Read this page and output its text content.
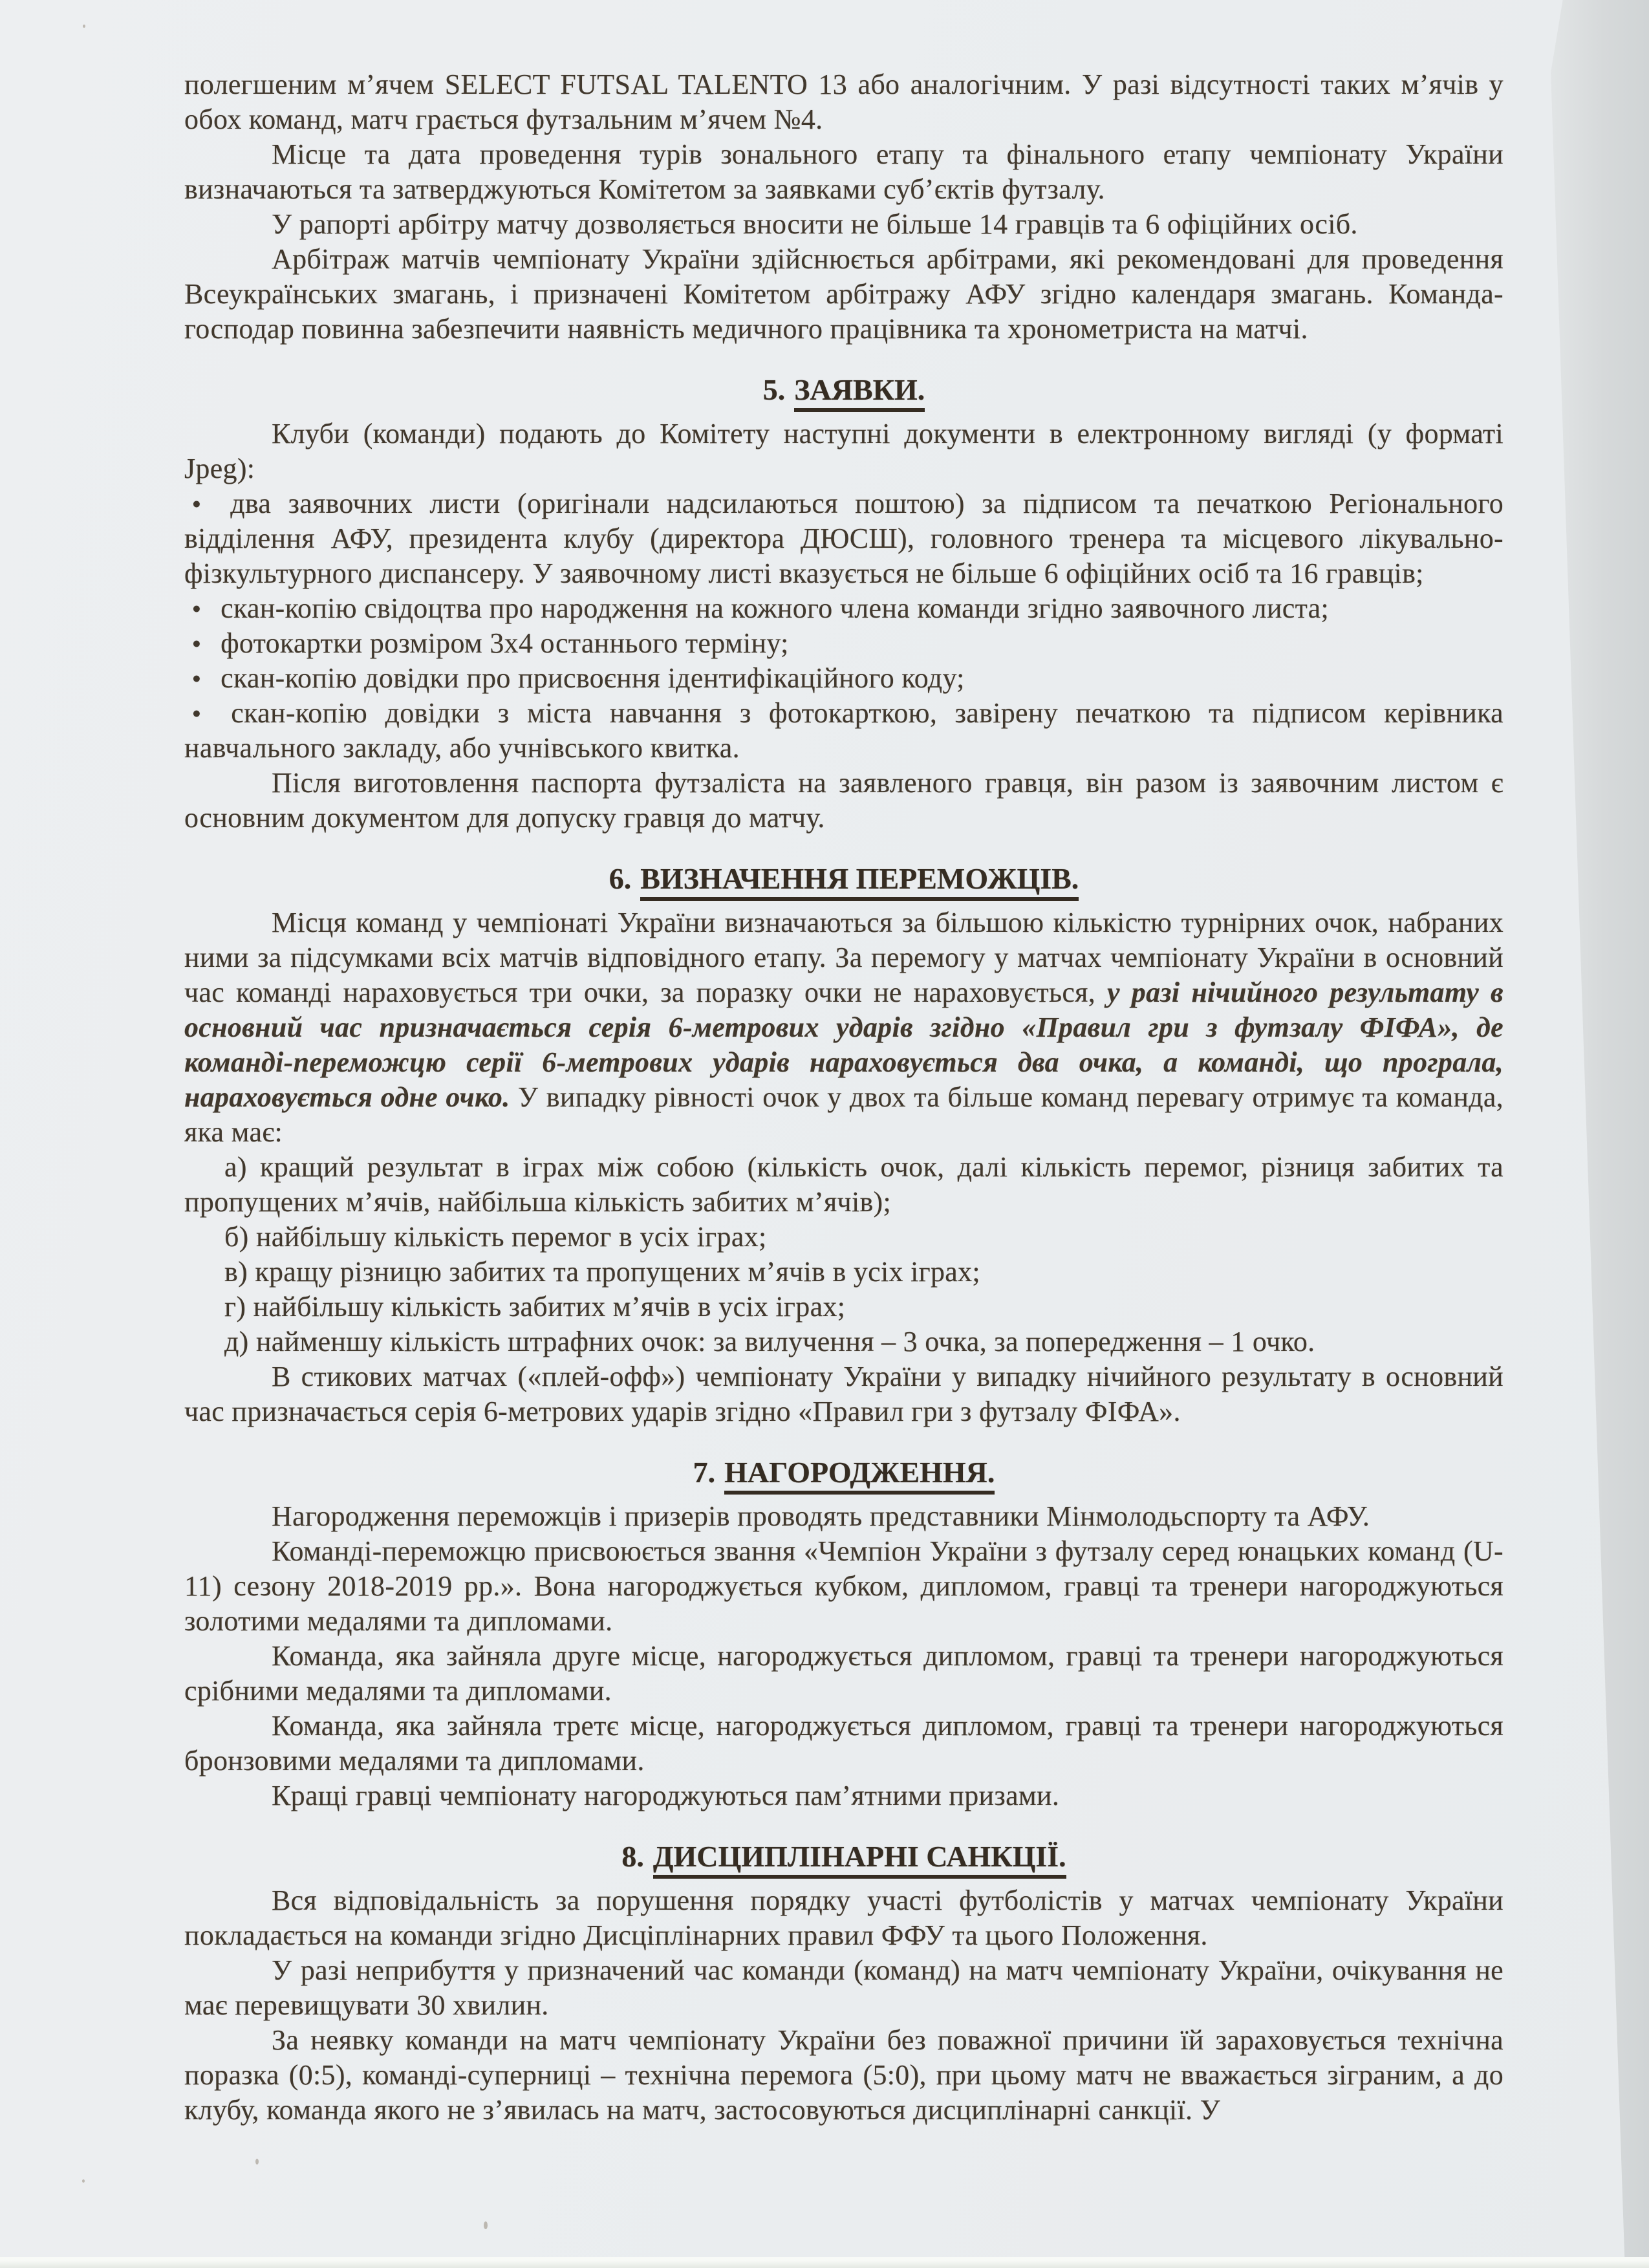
полегшеним м’ячем SELECT FUTSAL TALENTO 13 або аналогічним. У разі відсутності таких м’ячів у обох команд, матч грається футзальним м’ячем №4.

Місце та дата проведення турів зонального етапу та фінального етапу чемпіонату України визначаються та затверджуються Комітетом за заявками суб’єктів футзалу.

У рапорті арбітру матчу дозволяється вносити не більше 14 гравців та 6 офіційних осіб.

Арбітраж матчів чемпіонату України здійснюється арбітрами, які рекомендовані для проведення Всеукраїнських змагань, і призначені Комітетом арбітражу АФУ згідно календаря змагань. Команда-господар повинна забезпечити наявність медичного працівника та хронометриста на матчі.

5. ЗАЯВКИ.

Клуби (команди) подають до Комітету наступні документи в електронному вигляді (у форматі Jpeg):

● два заявочних листи (оригінали надсилаються поштою) за підписом та печаткою Регіонального відділення АФУ, президента клубу (директора ДЮСШ), головного тренера та місцевого лікувально-фізкультурного диспансеру. У заявочному листі вказується не більше 6 офіційних осіб та 16 гравців;

● скан-копію свідоцтва про народження на кожного члена команди згідно заявочного листа;

● фотокартки розміром 3х4 останнього терміну;

● скан-копію довідки про присвоєння ідентифікаційного коду;

● скан-копію довідки з міста навчання з фотокарткою, завірену печаткою та підписом керівника навчального закладу, або учнівського квитка.

Після виготовлення паспорта футзаліста на заявленого гравця, він разом із заявочним листом є основним документом для допуску гравця до матчу.

6. ВИЗНАЧЕННЯ ПЕРЕМОЖЦІВ.

Місця команд у чемпіонаті України визначаються за більшою кількістю турнірних очок, набраних ними за підсумками всіх матчів відповідного етапу. За перемогу у матчах чемпіонату України в основний час команді нараховується три очки, за поразку очки не нараховується, у разі нічийного результату в основний час призначається серія 6-метрових ударів згідно «Правил гри з футзалу ФІФА», де команді-переможцю серії 6-метрових ударів нараховується два очка, а команді, що програла, нараховується одне очко. У випадку рівності очок у двох та більше команд перевагу отримує та команда, яка має:

а) кращий результат в іграх між собою (кількість очок, далі кількість перемог, різниця забитих та пропущених м’ячів, найбільша кількість забитих м’ячів);

б) найбільшу кількість перемог в усіх іграх;

в) кращу різницю забитих та пропущених м’ячів в усіх іграх;

г) найбільшу кількість забитих м’ячів в усіх іграх;

д) найменшу кількість штрафних очок: за вилучення – 3 очка, за попередження – 1 очко.

В стикових матчах («плей-офф») чемпіонату України у випадку нічийного результату в основний час призначається серія 6-метрових ударів згідно «Правил гри з футзалу ФІФА».

7. НАГОРОДЖЕННЯ.

Нагородження переможців і призерів проводять представники Мінмолодьспорту та АФУ.

Команді-переможцю присвоюється звання «Чемпіон України з футзалу серед юнацьких команд (U-11) сезону 2018-2019 рр.». Вона нагороджується кубком, дипломом, гравці та тренери нагороджуються золотими медалями та дипломами.

Команда, яка зайняла друге місце, нагороджується дипломом, гравці та тренери нагороджуються срібними медалями та дипломами.

Команда, яка зайняла третє місце, нагороджується дипломом, гравці та тренери нагороджуються бронзовими медалями та дипломами.

Кращі гравці чемпіонату нагороджуються пам’ятними призами.

8. ДИСЦИПЛІНАРНІ САНКЦІЇ.

Вся відповідальність за порушення порядку участі футболістів у матчах чемпіонату України покладається на команди згідно Дисціплінарних правил ФФУ та цього Положення.

У разі неприбуття у призначений час команди (команд) на матч чемпіонату України, очікування не має перевищувати 30 хвилин.

За неявку команди на матч чемпіонату України без поважної причини їй зараховується технічна поразка (0:5), команді-суперниці – технічна перемога (5:0), при цьому матч не вважається зіграним, а до клубу, команда якого не з’явилась на матч, застосовуються дисциплінарні санкції. У
